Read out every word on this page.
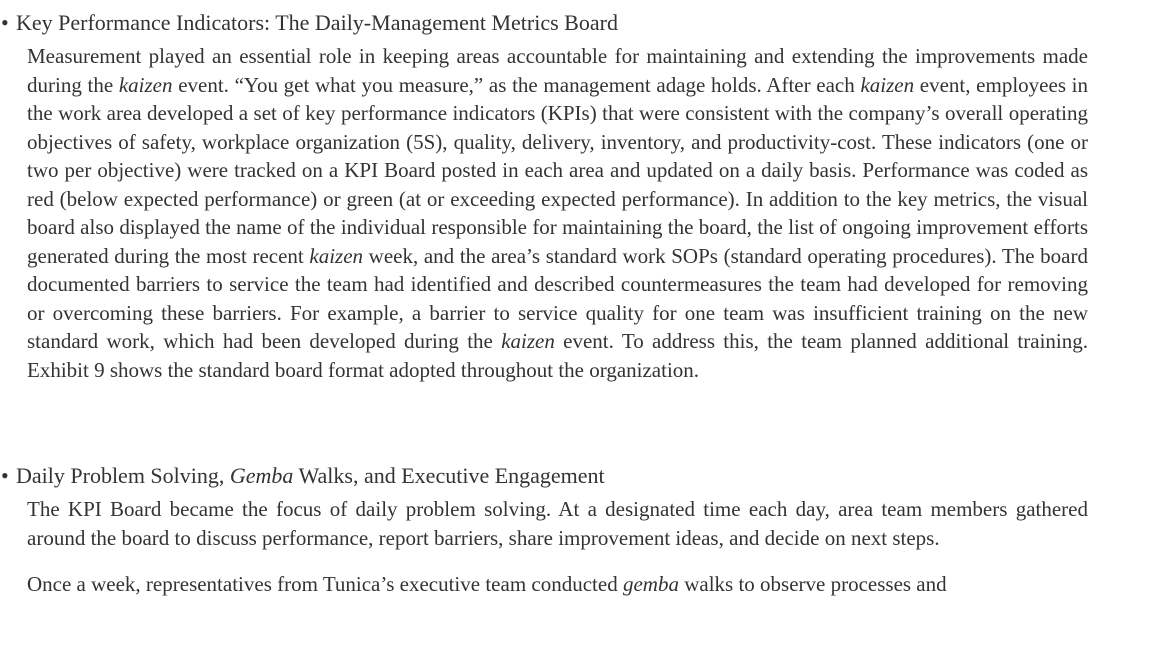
• Key Performance Indicators: The Daily-Management Metrics Board

Measurement played an essential role in keeping areas accountable for maintaining and extending the improvements made during the kaizen event. “You get what you measure,” as the management adage holds. After each kaizen event, employees in the work area developed a set of key performance indicators (KPIs) that were consistent with the company’s overall operating objectives of safety, workplace organization (5S), quality, delivery, inventory, and productivity-cost. These indicators (one or two per objective) were tracked on a KPI Board posted in each area and updated on a daily basis. Performance was coded as red (below expected performance) or green (at or exceeding expected performance). In addition to the key metrics, the visual board also displayed the name of the individual responsible for maintaining the board, the list of ongoing improvement efforts generated during the most recent kaizen week, and the area’s standard work SOPs (standard operating procedures). The board documented barriers to service the team had identified and described countermeasures the team had developed for removing or overcoming these barriers. For example, a barrier to service quality for one team was insufficient training on the new standard work, which had been developed during the kaizen event. To address this, the team planned additional training. Exhibit 9 shows the standard board format adopted throughout the organization.

• Daily Problem Solving, Gemba Walks, and Executive Engagement

The KPI Board became the focus of daily problem solving. At a designated time each day, area team members gathered around the board to discuss performance, report barriers, share improvement ideas, and decide on next steps.

Once a week, representatives from Tunica’s executive team conducted gemba walks to observe processes and
